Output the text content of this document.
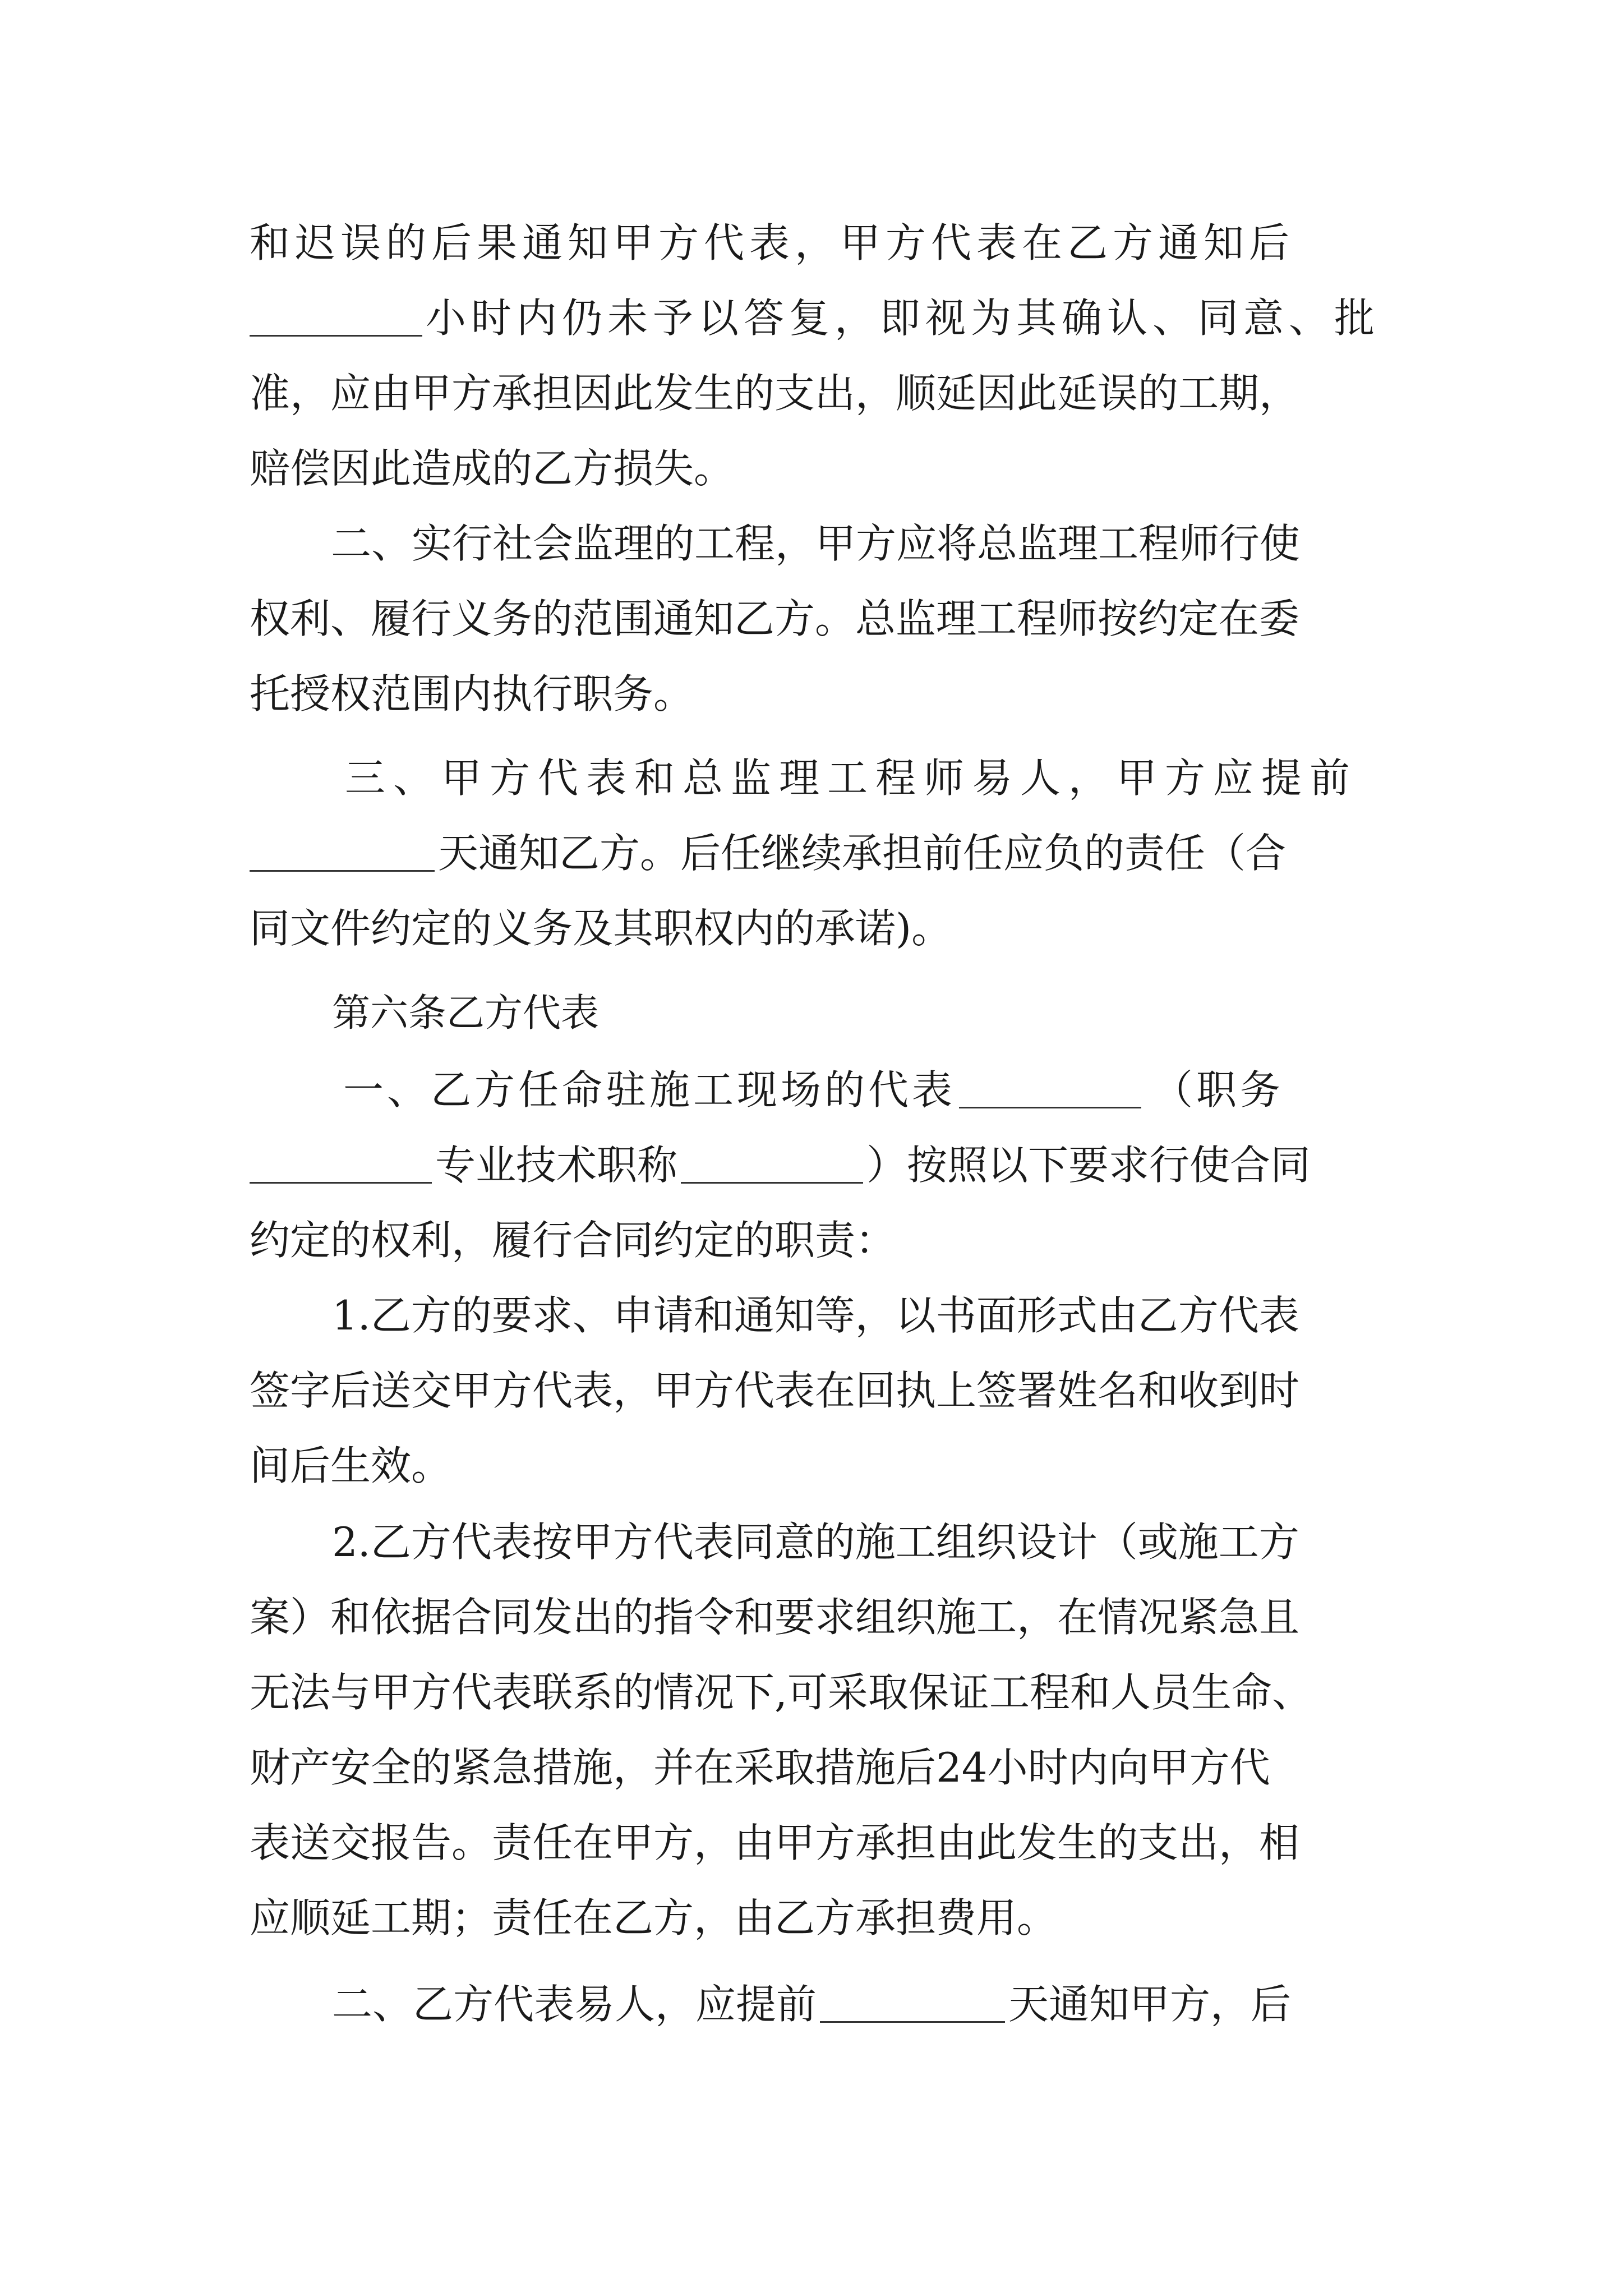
和迟误的后果通知甲方代表，甲方代表在乙方通知后
小时内仍未予以答复，即视为其确认、同意、批
准，应由甲方承担因此发生的支出，顺延因此延误的工期，
赔偿因此造成的乙方损失。
二、实行社会监理的工程，甲方应将总监理工程师行使
权利、履行义务的范围通知乙方。总监理工程师按约定在委
托授权范围内执行职务。
三、甲方代表和总监理工程师易人，甲方应提前
天通知乙方。后任继续承担前任应负的责任（合
同文件约定的义务及其职权内的承诺)。
第六条乙方代表
一、乙方任命驻施工现场的代表	（职务
专业技术职称	）按照以下要求行使合同
约定的权利，履行合同约定的职责：
1.乙方的要求、申请和通知等，以书面形式由乙方代表
签字后送交甲方代表，甲方代表在回执上签署姓名和收到时
间后生效。
2.乙方代表按甲方代表同意的施工组织设计（或施工方
案）和依据合同发出的指令和要求组织施工，在情况紧急且
无法与甲方代表联系的情况下,可采取保证工程和人员生命、
财产安全的紧急措施，并在采取措施后24小时内向甲方代
表送交报告。责任在甲方，由甲方承担由此发生的支出，相
应顺延工期；责任在乙方，由乙方承担费用。
二、乙方代表易人，应提前	天通知甲方，后
